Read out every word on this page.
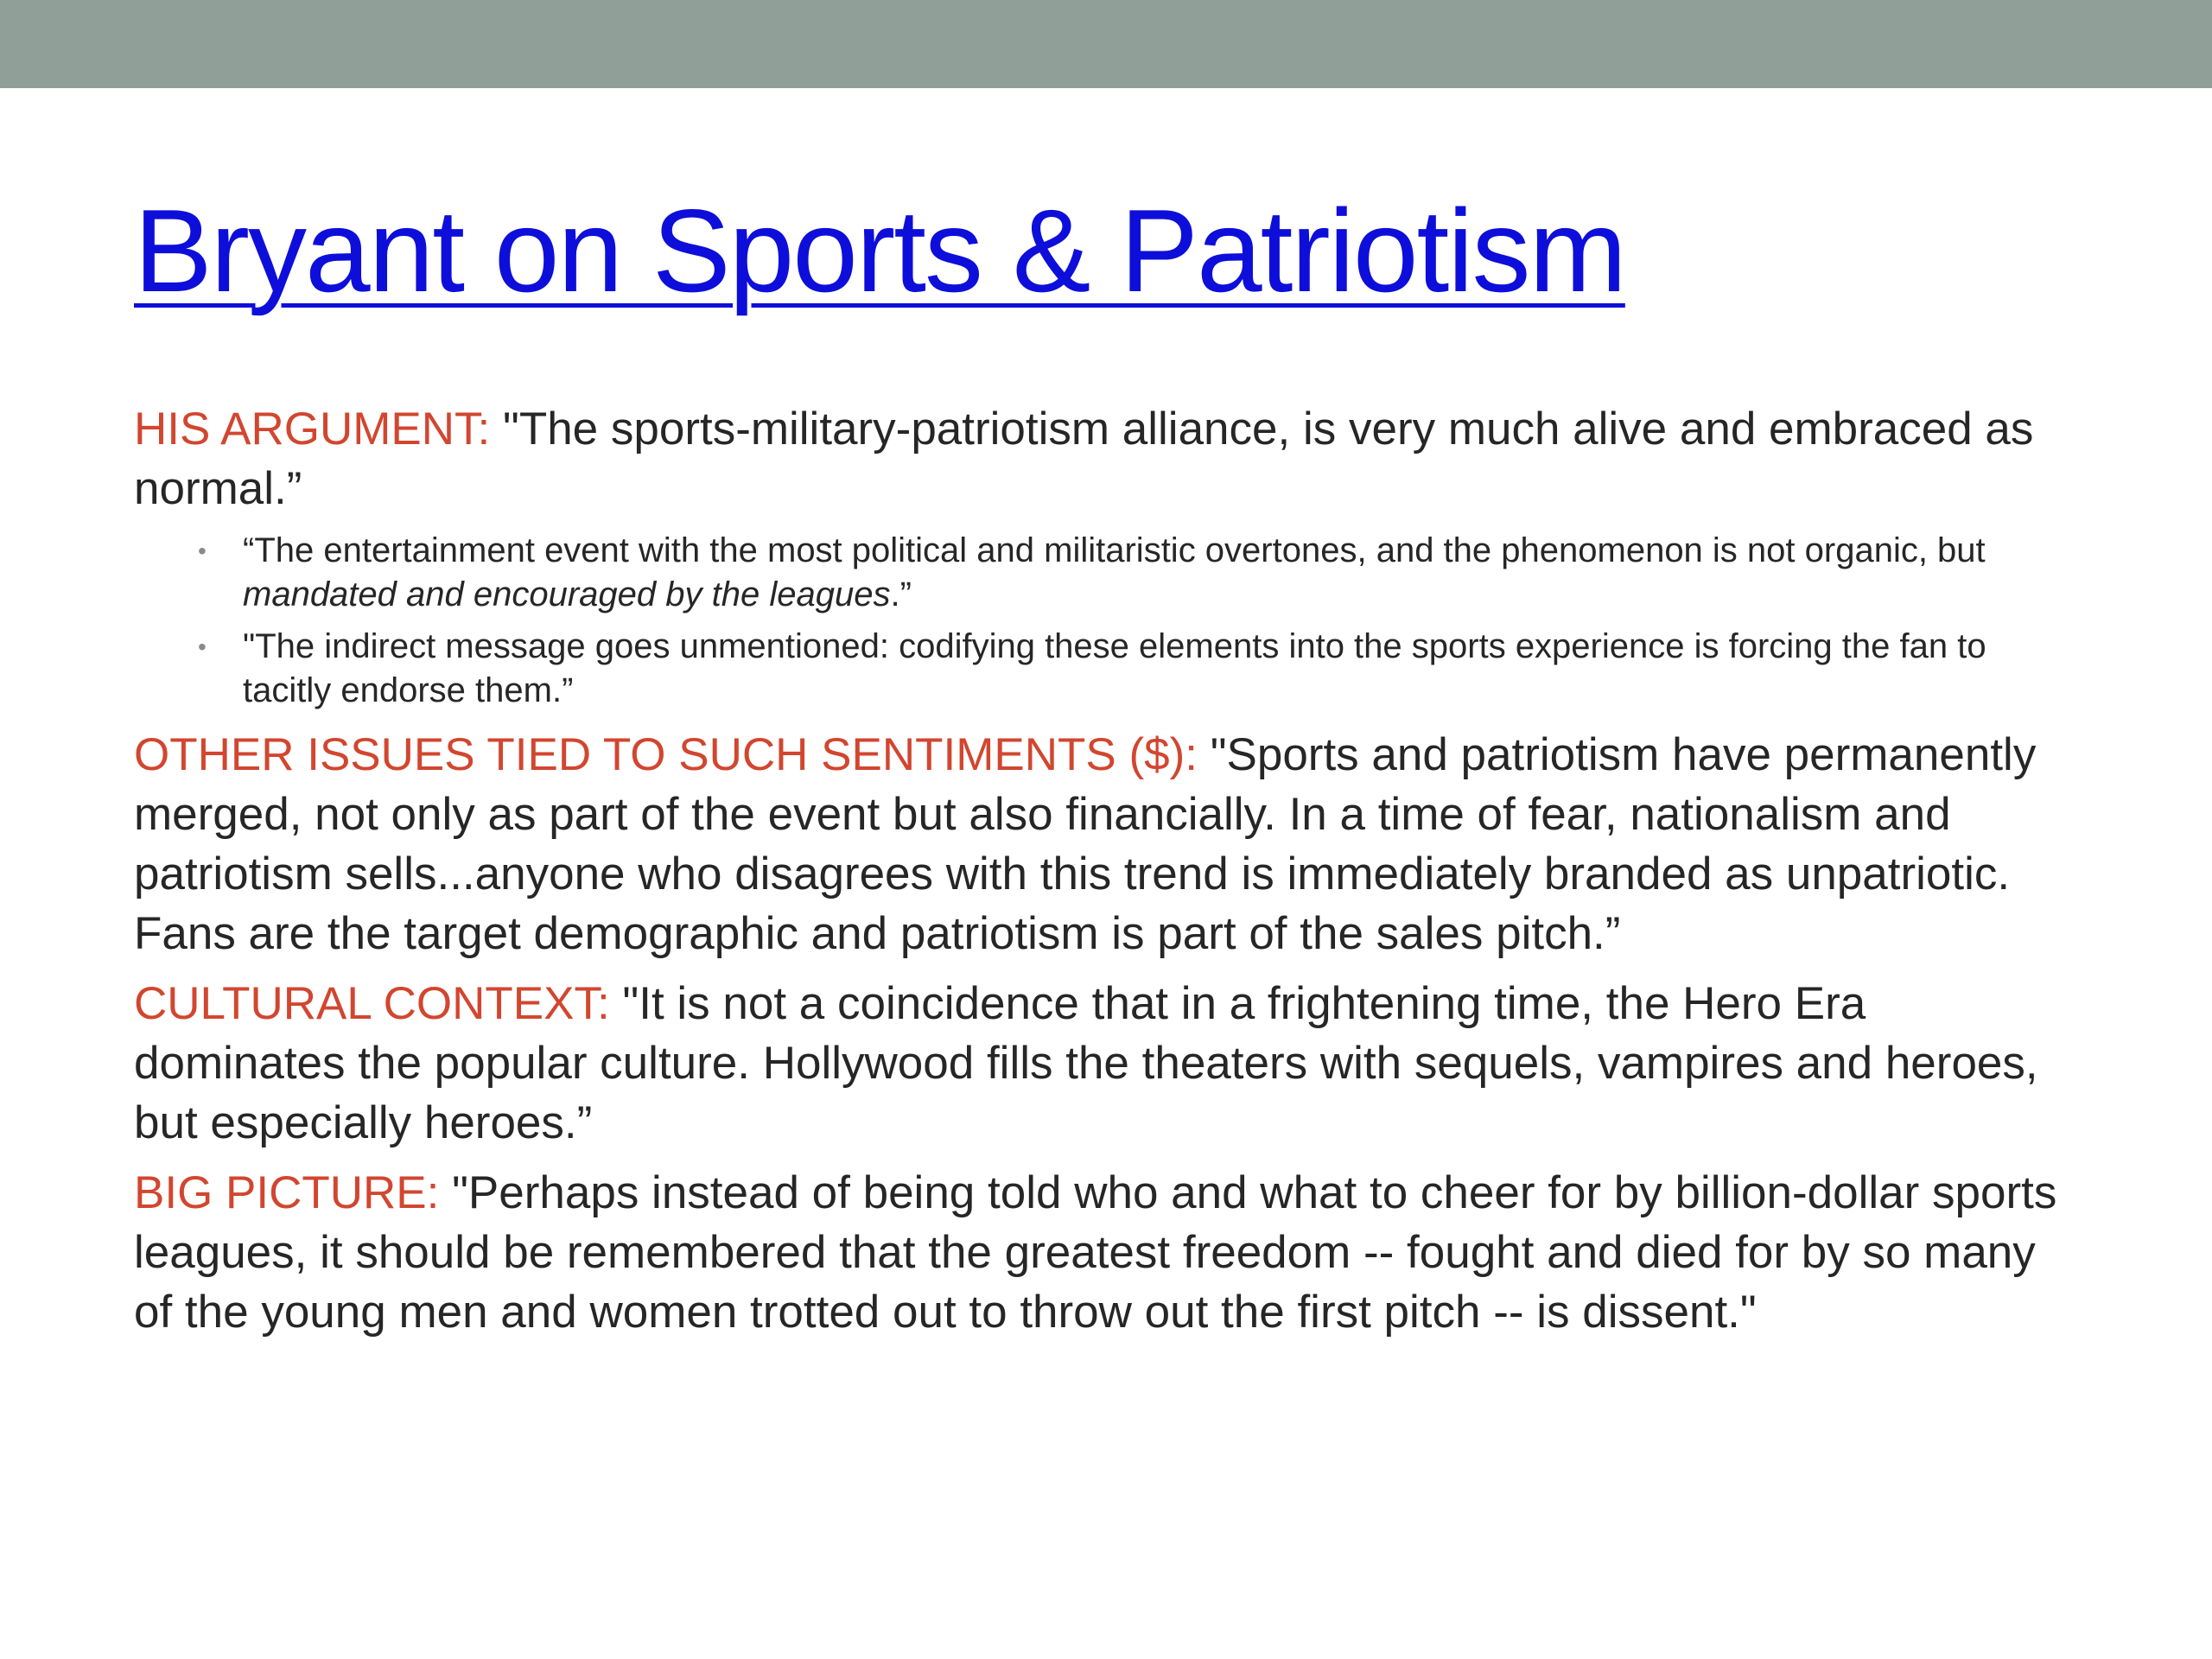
Bryant on Sports & Patriotism

HIS ARGUMENT: "The sports-military-patriotism alliance, is very much alive and embraced as normal.”

• “The entertainment event with the most political and militaristic overtones, and the phenomenon is not organic, but mandated and encouraged by the leagues.”
• "The indirect message goes unmentioned: codifying these elements into the sports experience is forcing the fan to tacitly endorse them.”

OTHER ISSUES TIED TO SUCH SENTIMENTS ($): "Sports and patriotism have permanently merged, not only as part of the event but also financially. In a time of fear, nationalism and patriotism sells...anyone who disagrees with this trend is immediately branded as unpatriotic. Fans are the target demographic and patriotism is part of the sales pitch.”

CULTURAL CONTEXT: "It is not a coincidence that in a frightening time, the Hero Era dominates the popular culture. Hollywood fills the theaters with sequels, vampires and heroes, but especially heroes.”

BIG PICTURE: "Perhaps instead of being told who and what to cheer for by billion-dollar sports leagues, it should be remembered that the greatest freedom -- fought and died for by so many of the young men and women trotted out to throw out the first pitch -- is dissent."
